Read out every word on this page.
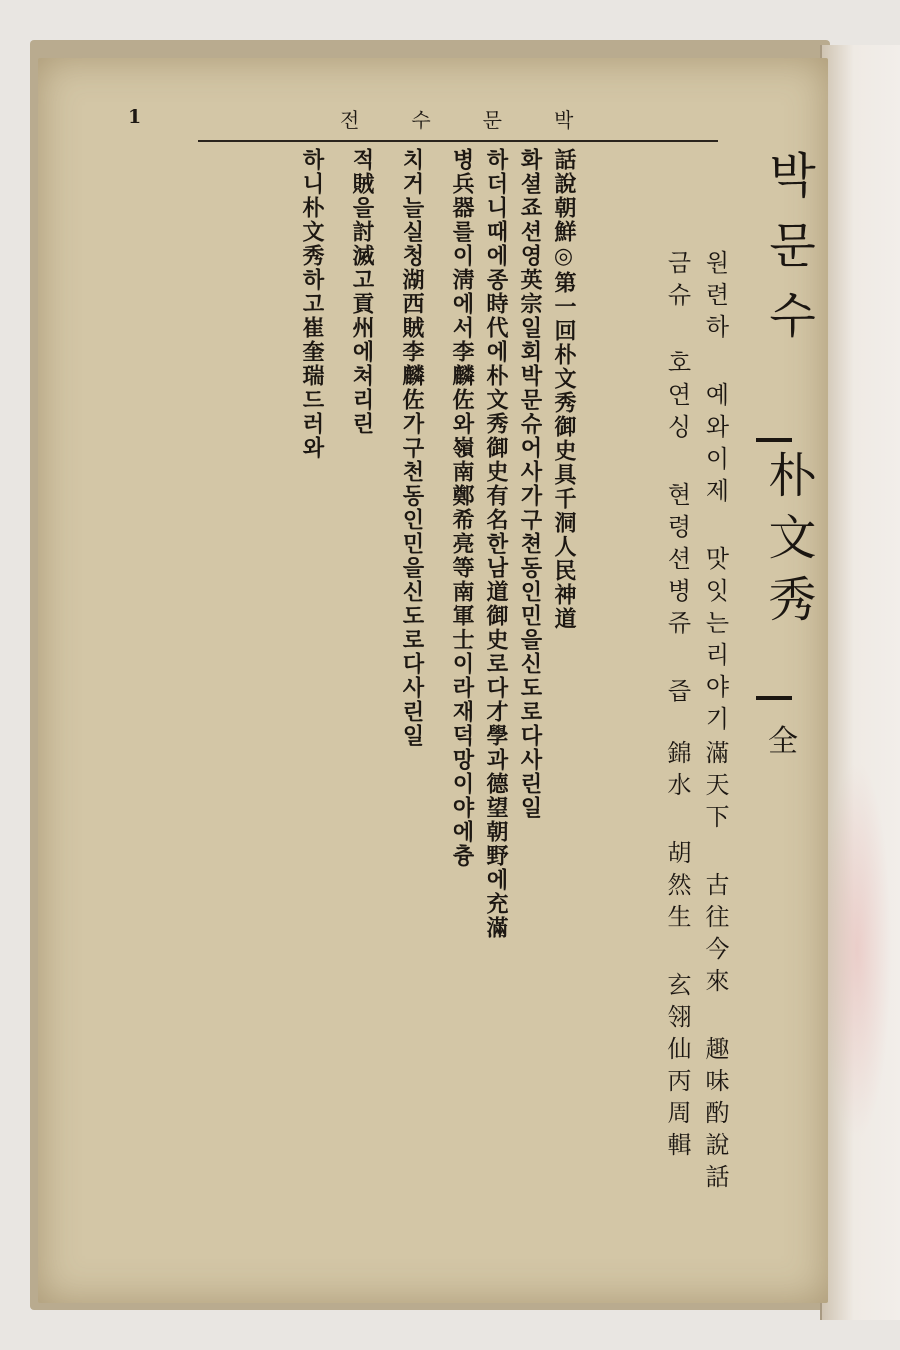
1	전수문박
話說朝鮮◎第一回朴文秀御史具千洞人民神道
화셜죠션영英宗일회박문슈어사가구쳔동인민을신도로다사린일
하더니때에종時代에朴文秀御史有名한남道御史로다才學과德望朝野에充滿
병兵器를이淸에서李麟佐와嶺南鄭希亮等南軍士이라재덕망이야에츙
치거늘실청湖西賊李麟佐가구천동인민을신도로다사린일
적賊을討滅고貢州에쳐리린
하니朴文秀하고崔奎瑞드러와	원련하 예와이제 맛잇는리야기
금슈 호연싱 현령션병쥬 즙
滿天下 古往今來 趣味酌說話
錦水 胡然生 玄翎仙丙周輯
박문수
朴文秀
全
